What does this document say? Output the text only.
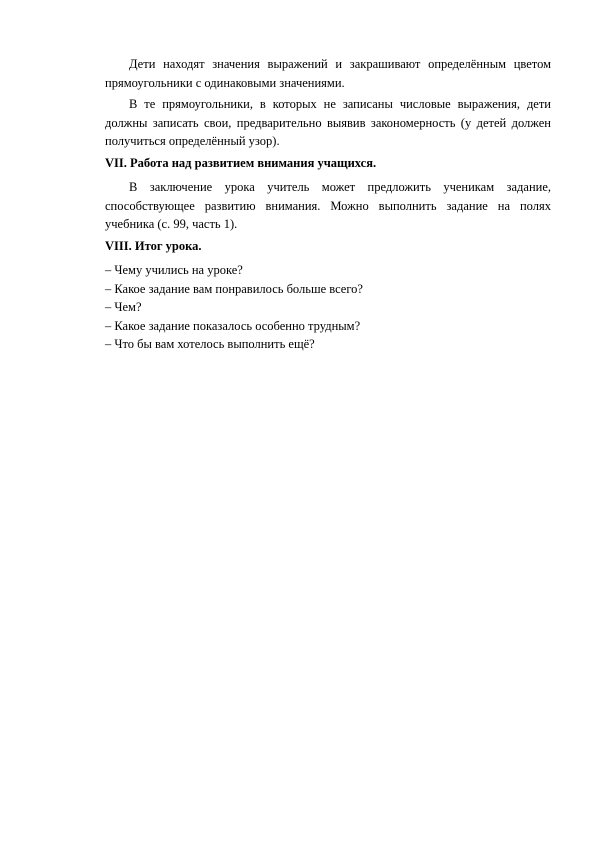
Дети находят значения выражений и закрашивают определённым цветом прямоугольники с одинаковыми значениями.

В те прямоугольники, в которых не записаны числовые выражения, дети должны записать свои, предварительно выявив закономерность (у детей должен получиться определённый узор).

VII. Работа над развитием внимания учащихся.

В заключение урока учитель может предложить ученикам задание, способствующее развитию внимания. Можно выполнить задание на полях учебника (с. 99, часть 1).

VIII. Итог урока.

– Чему учились на уроке?
– Какое задание вам понравилось больше всего?
– Чем?
– Какое задание показалось особенно трудным?
– Что бы вам хотелось выполнить ещё?
